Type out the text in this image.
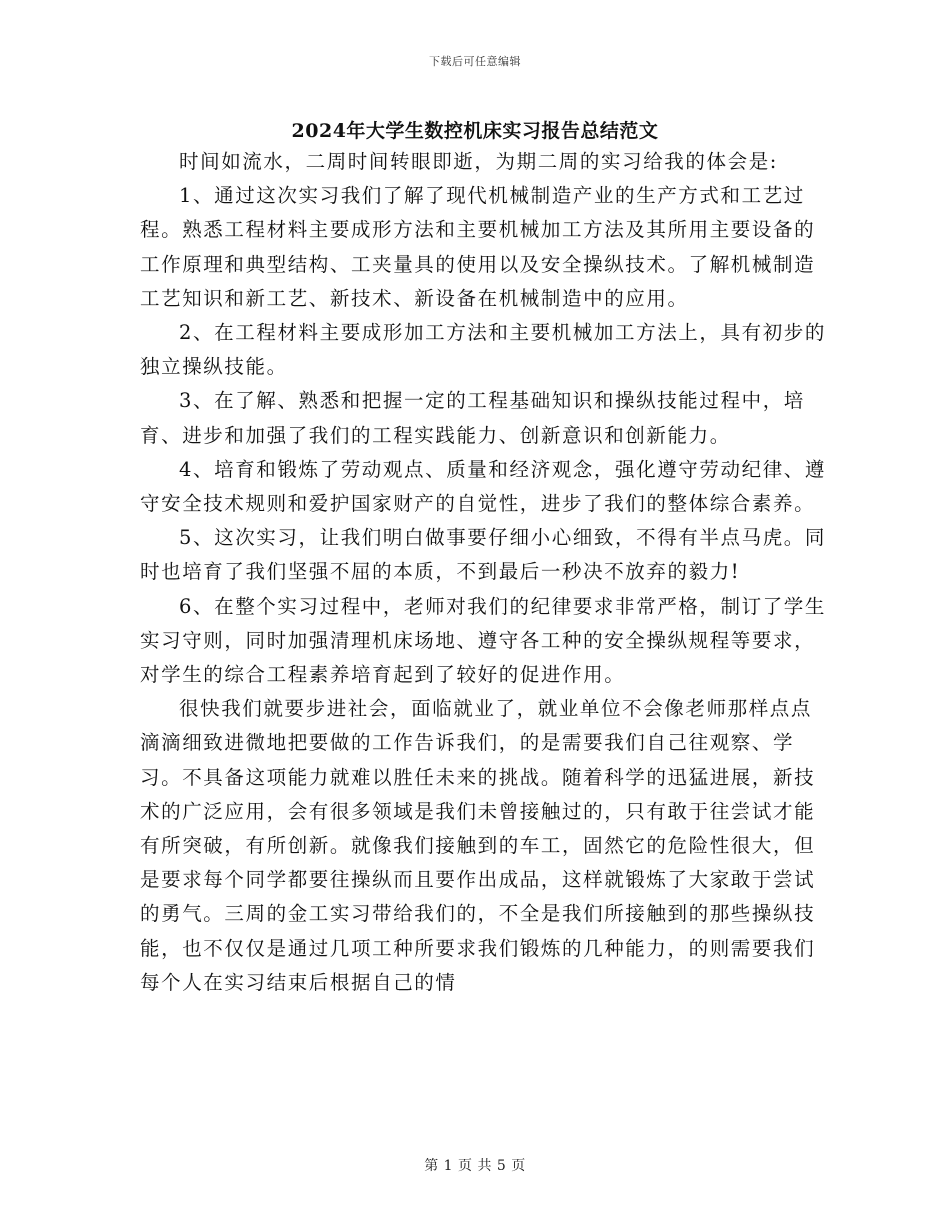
下载后可任意编辑
2024年大学生数控机床实习报告总结范文

时间如流水，二周时间转眼即逝，为期二周的实习给我的体会是:

1、通过这次实习我们了解了现代机械制造产业的生产方式和工艺过程。熟悉工程材料主要成形方法和主要机械加工方法及其所用主要设备的工作原理和典型结构、工夹量具的使用以及安全操纵技术。了解机械制造工艺知识和新工艺、新技术、新设备在机械制造中的应用。

2、在工程材料主要成形加工方法和主要机械加工方法上，具有初步的独立操纵技能。

3、在了解、熟悉和把握一定的工程基础知识和操纵技能过程中，培育、进步和加强了我们的工程实践能力、创新意识和创新能力。

4、培育和锻炼了劳动观点、质量和经济观念，强化遵守劳动纪律、遵守安全技术规则和爱护国家财产的自觉性，进步了我们的整体综合素养。

5、这次实习，让我们明白做事要仔细小心细致，不得有半点马虎。同时也培育了我们坚强不屈的本质，不到最后一秒决不放弃的毅力!

6、在整个实习过程中，老师对我们的纪律要求非常严格，制订了学生实习守则，同时加强清理机床场地、遵守各工种的安全操纵规程等要求，对学生的综合工程素养培育起到了较好的促进作用。

很快我们就要步进社会，面临就业了，就业单位不会像老师那样点点滴滴细致进微地把要做的工作告诉我们，的是需要我们自己往观察、学习。不具备这项能力就难以胜任未来的挑战。随着科学的迅猛进展，新技术的广泛应用，会有很多领域是我们未曾接触过的，只有敢于往尝试才能有所突破，有所创新。就像我们接触到的车工，固然它的危险性很大，但是要求每个同学都要往操纵而且要作出成品，这样就锻炼了大家敢于尝试的勇气。三周的金工实习带给我们的，不全是我们所接触到的那些操纵技能，也不仅仅是通过几项工种所要求我们锻炼的几种能力，的则需要我们每个人在实习结束后根据自己的情

第 1 页 共 5 页
